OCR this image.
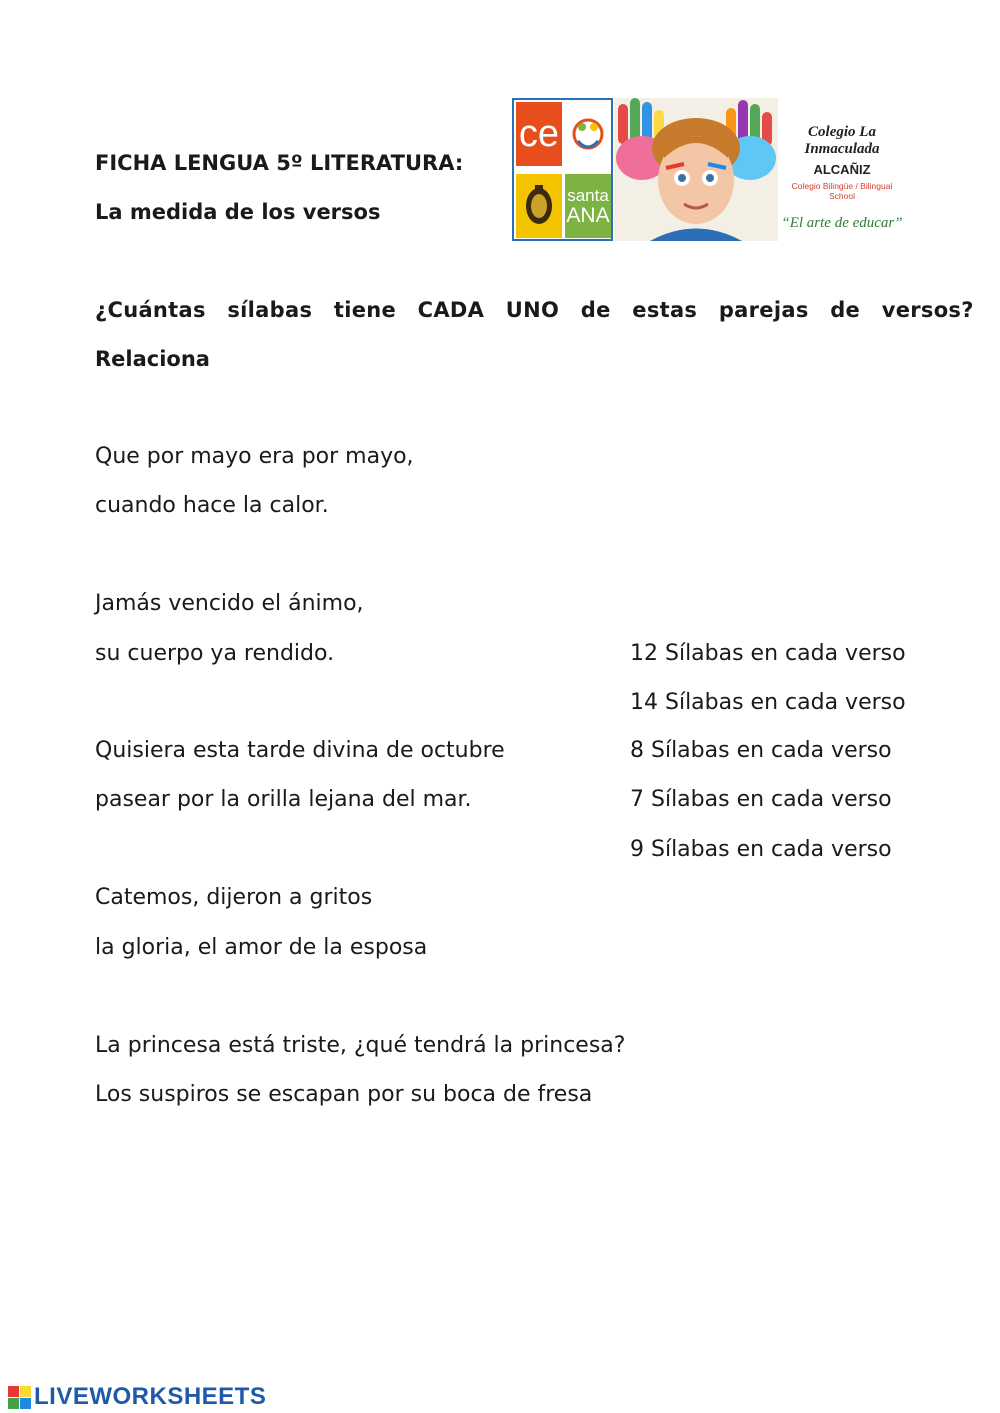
FICHA LENGUA 5º LITERATURA:
La medida de los versos
ce
santa
ANA
Colegio La Inmaculada
ALCAÑIZ
Colegio Bilingüe / Bilingual School
“El arte de educar”
¿Cuántas sílabas tiene CADA UNO de estas parejas de versos?
Relaciona
Que por mayo era por mayo,
cuando hace la calor.
Jamás vencido el ánimo,
su cuerpo ya rendido.
Quisiera esta tarde divina de octubre
pasear por la orilla lejana del mar.
Catemos, dijeron a gritos
la gloria, el amor de la esposa
La princesa está triste, ¿qué tendrá la princesa?
Los suspiros se escapan por su boca de fresa
12 Sílabas en cada verso
14 Sílabas en cada verso
8 Sílabas en cada verso
7 Sílabas en cada verso
9 Sílabas en cada verso
LIVEWORKSHEETS
